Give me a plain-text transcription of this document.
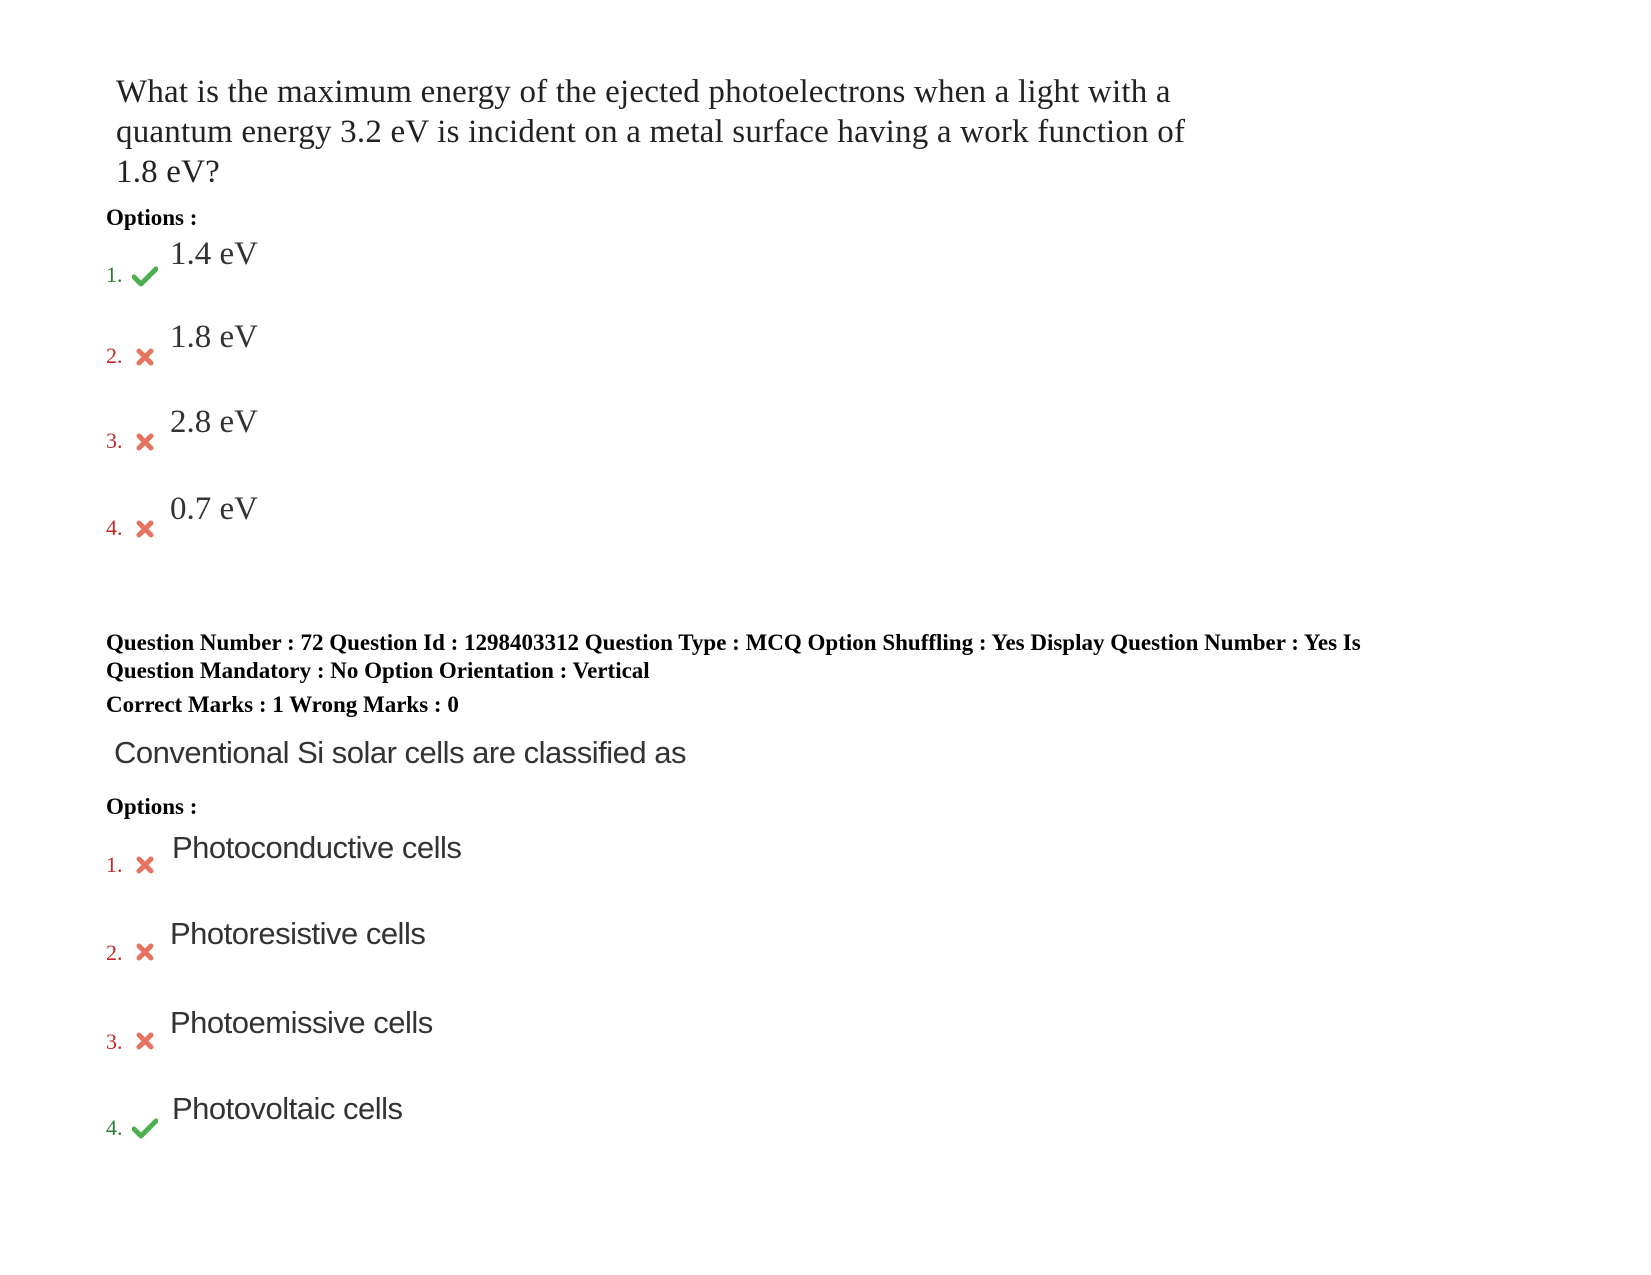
What is the maximum energy of the ejected photoelectrons when a light with a
quantum energy 3.2 eV is incident on a metal surface having a work function of
1.8 eV?
Options :
1.
1.4 eV
2.
1.8 eV
3.
2.8 eV
4.
0.7 eV
Question Number : 72 Question Id : 1298403312 Question Type : MCQ Option Shuffling : Yes Display Question Number : Yes Is
Question Mandatory : No Option Orientation : Vertical
Correct Marks : 1 Wrong Marks : 0
Conventional Si solar cells are classified as
Options :
1. Photoconductive cells
2.
Photoresistive cells
3.
Photoemissive cells
4.
Photovoltaic cells
